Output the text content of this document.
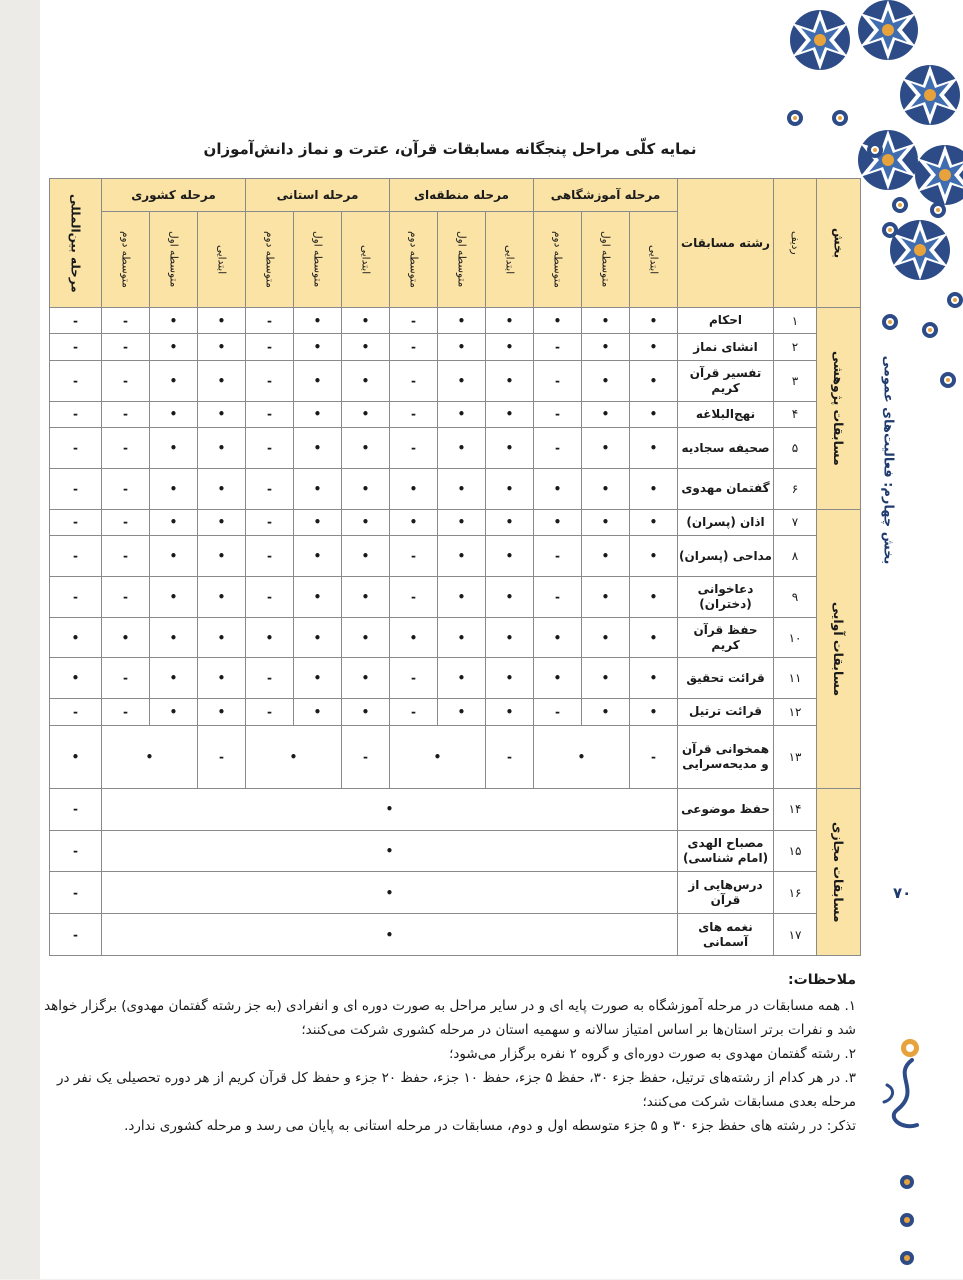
بخش چهارم: فعالیت‌های عمومی
۷۰
نمایه کلّی مراحل پنجگانه مسابقات قرآن، عترت و نماز دانش‌آموزان
بخش	ردیف	رشته مسابقات	مرحله آموزشگاهی			مرحله منطقه‌ای			مرحله استانی			مرحله کشوری			مرحله بین‌المللی

			ابتدایی	متوسطه اول	متوسطه دوم	ابتدایی	متوسطه اول	متوسطه دوم	ابتدایی	متوسطه اول	متوسطه دوم	ابتدایی	متوسطه اول	متوسطه دوم	

مسابقات پژوهشی	۱	احکام	•	•	•	•	•	-	•	•	-	•	•	-	-
	۲	انشای نماز	•	•	-	•	•	-	•	•	-	•	•	-	-
	۳	تفسیر قرآن کریم	•	•	-	•	•	-	•	•	-	•	•	-	-
	۴	نهج‌البلاغه	•	•	-	•	•	-	•	•	-	•	•	-	-
	۵	صحیفه سجادیه	•	•	-	•	•	-	•	•	-	•	•	-	-
	۶	گفتمان مهدوی	•	•	•	•	•	•	•	•	-	•	•	-	-

مسابقات آوایی	۷	اذان (پسران)	•	•	•	•	•	•	•	•	-	•	•	-	-
	۸	مداحی (پسران)	•	•	-	•	•	-	•	•	-	•	•	-	-
	۹	دعاخوانی (دختران)	•	•	-	•	•	-	•	•	-	•	•	-	-
	۱۰	حفظ قرآن کریم	•	•	•	•	•	•	•	•	•	•	•	•	•
	۱۱	قرائت تحقیق	•	•	•	•	•	-	•	•	-	•	•	-	•
	۱۲	قرائت ترتیل	•	•	-	•	•	-	•	•	-	•	•	-	-
	۱۳	همخوانی قرآن و مدیحه‌سرایی	-	•		-	•		-	•		-	•		•

مسابقات مجازی	۱۴	حفظ موضوعی	•												-
	۱۵	مصباح الهدی (امام شناسی)	•												-
	۱۶	درس‌هایی از قرآن	•												-
	۱۷	نغمه های آسمانی	•												-

ملاحظات:

۱. همه مسابقات در مرحله آموزشگاه به صورت پایه ای و در سایر مراحل به صورت دوره ای و انفرادی (به جز رشته گفتمان مهدوی) برگزار خواهد شد و نفرات برتر استان‌ها بر اساس امتیاز سالانه و سهمیه استان در مرحله کشوری شرکت می‌کنند؛

۲. رشته گفتمان مهدوی به صورت دوره‌ای و گروه ۲ نفره برگزار می‌شود؛

۳. در هر کدام از رشته‌های ترتیل، حفظ جزء ۳۰، حفظ ۵ جزء، حفظ ۱۰ جزء، حفظ ۲۰ جزء و حفظ کل قرآن کریم از هر دوره تحصیلی یک نفر در مرحله بعدی مسابقات شرکت می‌کنند؛

تذکر: در رشته های حفظ جزء ۳۰ و ۵ جزء متوسطه اول و دوم، مسابقات در مرحله استانی به پایان می رسد و مرحله کشوری ندارد.
